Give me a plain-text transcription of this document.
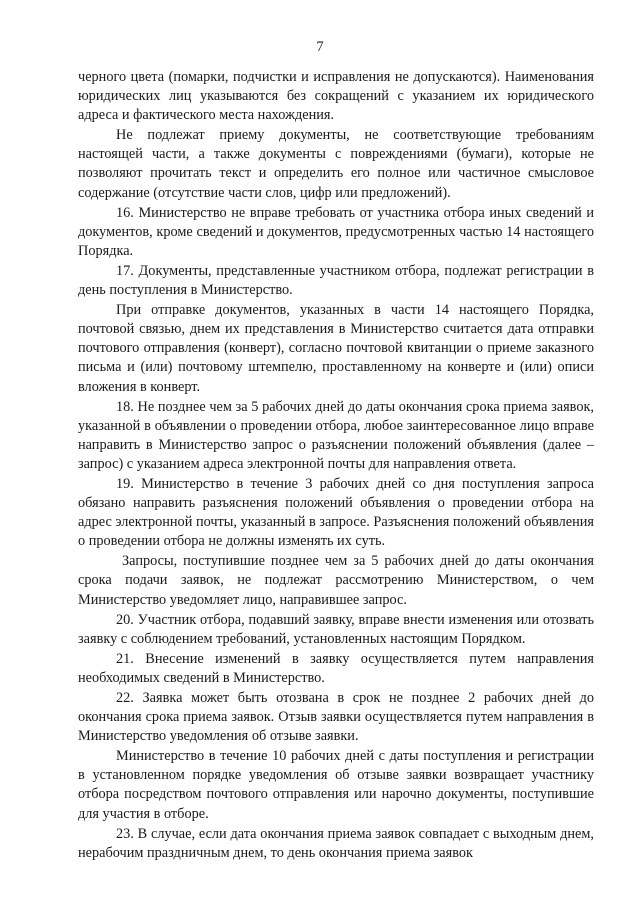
7

черного цвета (помарки, подчистки и исправления не допускаются). Наименования юридических лиц указываются без сокращений с указанием их юридического адреса и фактического места нахождения.

Не подлежат приему документы, не соответствующие требованиям настоящей части, а также документы с повреждениями (бумаги), которые не позволяют прочитать текст и определить его полное или частичное смысловое содержание (отсутствие части слов, цифр или предложений).

16. Министерство не вправе требовать от участника отбора иных сведений и документов, кроме сведений и документов, предусмотренных частью 14 настоящего Порядка.

17. Документы, представленные участником отбора, подлежат регистрации в день поступления в Министерство.

При отправке документов, указанных в части 14 настоящего Порядка, почтовой связью, днем их представления в Министерство считается дата отправки почтового отправления (конверт), согласно почтовой квитанции о приеме заказного письма и (или) почтовому штемпелю, проставленному на конверте и (или) описи вложения в конверт.

18. Не позднее чем за 5 рабочих дней до даты окончания срока приема заявок, указанной в объявлении о проведении отбора, любое заинтересованное лицо вправе направить в Министерство запрос о разъяснении положений объявления (далее – запрос) с указанием адреса электронной почты для направления ответа.

19. Министерство в течение 3 рабочих дней со дня поступления запроса обязано направить разъяснения положений объявления о проведении отбора на адрес электронной почты, указанный в запросе. Разъяснения положений объявления о проведении отбора не должны изменять их суть.

Запросы, поступившие позднее чем за 5 рабочих дней до даты окончания срока подачи заявок, не подлежат рассмотрению Министерством, о чем Министерство уведомляет лицо, направившее запрос.

20. Участник отбора, подавший заявку, вправе внести изменения или отозвать заявку с соблюдением требований, установленных настоящим Порядком.

21. Внесение изменений в заявку осуществляется путем направления необходимых сведений в Министерство.

22. Заявка может быть отозвана в срок не позднее 2 рабочих дней до окончания срока приема заявок. Отзыв заявки осуществляется путем направления в Министерство уведомления об отзыве заявки.

Министерство в течение 10 рабочих дней с даты поступления и регистрации в установленном порядке уведомления об отзыве заявки возвращает участнику отбора посредством почтового отправления или нарочно документы, поступившие для участия в отборе.

23. В случае, если дата окончания приема заявок совпадает с выходным днем, нерабочим праздничным днем, то день окончания приема заявок
